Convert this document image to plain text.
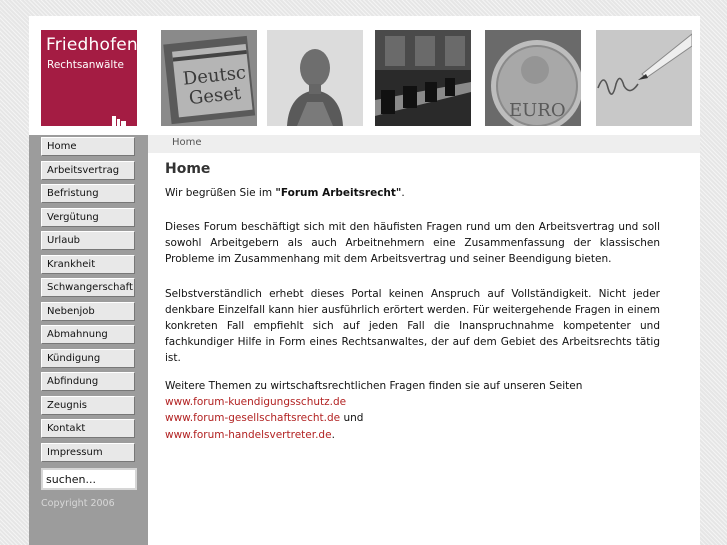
Friedhofen
Rechtsanwälte	Deutsc
Geset
EURO
Home
Arbeitsvertrag
Befristung
Vergütung
Urlaub
Krankheit
Schwangerschaft
Nebenjob
Abmahnung
Kündigung
Abfindung
Zeugnis
Kontakt
Impressum
suchen...
Copyright 2006
Home
Home

Wir begrüßen Sie im "Forum Arbeitsrecht".

Dieses Forum beschäftigt sich mit den häufisten Fragen rund um den Arbeitsvertrag und soll sowohl Arbeitgebern als auch Arbeitnehmern eine Zusammenfassung der klassischen Probleme im Zusammenhang mit dem Arbeitsvertrag und seiner Beendigung bieten.

Selbstverständlich erhebt dieses Portal keinen Anspruch auf Vollständigkeit. Nicht jeder denkbare Einzelfall kann hier ausführlich erörtert werden. Für weitergehende Fragen in einem konkreten Fall empfiehlt sich auf jeden Fall die Inanspruchnahme kompetenter und fachkundiger Hilfe in Form eines Rechtsanwaltes, der auf dem Gebiet des Arbeitsrechts tätig ist.

Weitere Themen zu wirtschaftsrechtlichen Fragen finden sie auf unseren Seiten

www.forum-kuendigungsschutz.de

www.forum-gesellschaftsrecht.de und

www.forum-handelsvertreter.de.
